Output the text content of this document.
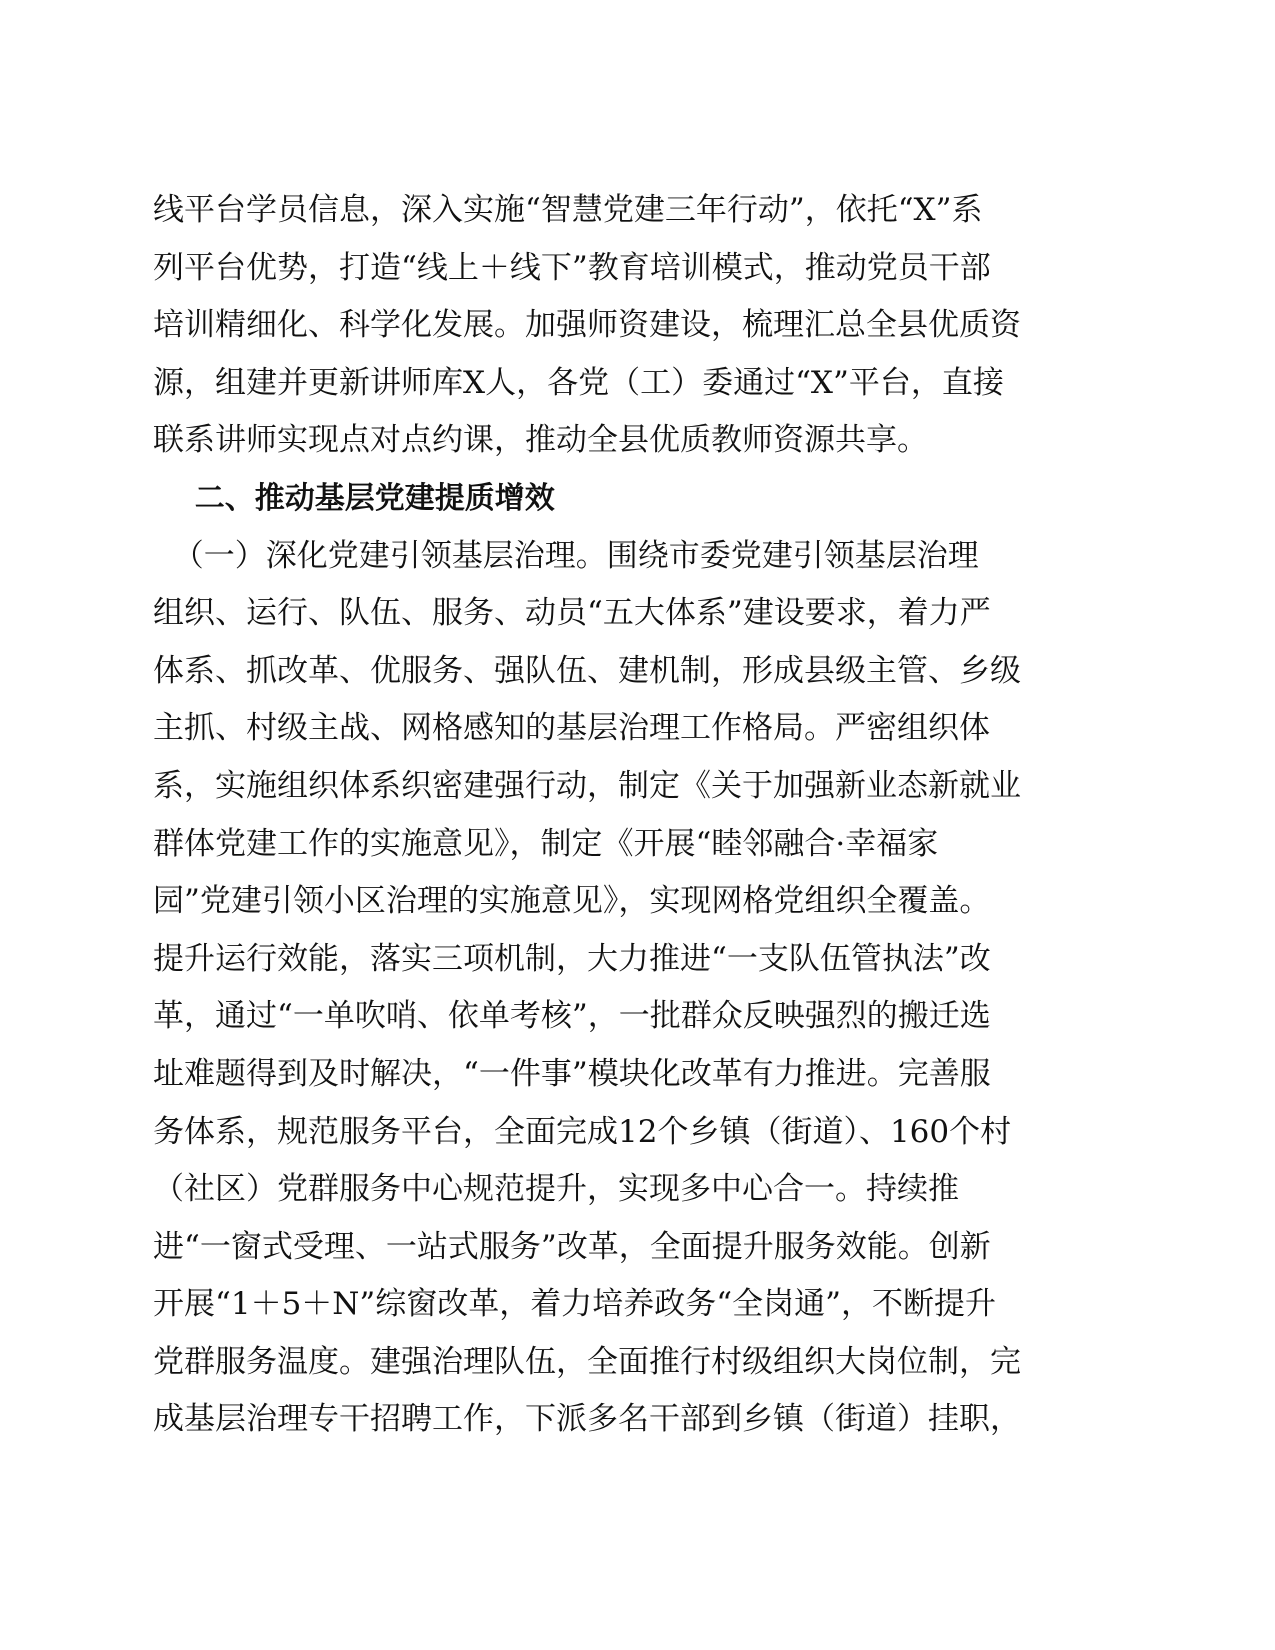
线平台学员信息，深入实施“智慧党建三年行动”，依托“X”系
列平台优势，打造“线上＋线下”教育培训模式，推动党员干部
培训精细化、科学化发展。加强师资建设，梳理汇总全县优质资
源，组建并更新讲师库X人，各党（工）委通过“X”平台，直接
联系讲师实现点对点约课，推动全县优质教师资源共享。
二、推动基层党建提质增效
（一）深化党建引领基层治理。围绕市委党建引领基层治理
组织、运行、队伍、服务、动员“五大体系”建设要求，着力严
体系、抓改革、优服务、强队伍、建机制，形成县级主管、乡级
主抓、村级主战、网格感知的基层治理工作格局。严密组织体
系，实施组织体系织密建强行动，制定《关于加强新业态新就业
群体党建工作的实施意见》，制定《开展“睦邻融合·幸福家
园”党建引领小区治理的实施意见》，实现网格党组织全覆盖。
提升运行效能，落实三项机制，大力推进“一支队伍管执法”改
革，通过“一单吹哨、依单考核”，一批群众反映强烈的搬迁选
址难题得到及时解决，“一件事”模块化改革有力推进。完善服
务体系，规范服务平台，全面完成12个乡镇（街道）、160个村
（社区）党群服务中心规范提升，实现多中心合一。持续推
进“一窗式受理、一站式服务”改革，全面提升服务效能。创新
开展“1＋5＋N”综窗改革，着力培养政务“全岗通”，不断提升
党群服务温度。建强治理队伍，全面推行村级组织大岗位制，完
成基层治理专干招聘工作，下派多名干部到乡镇（街道）挂职，
